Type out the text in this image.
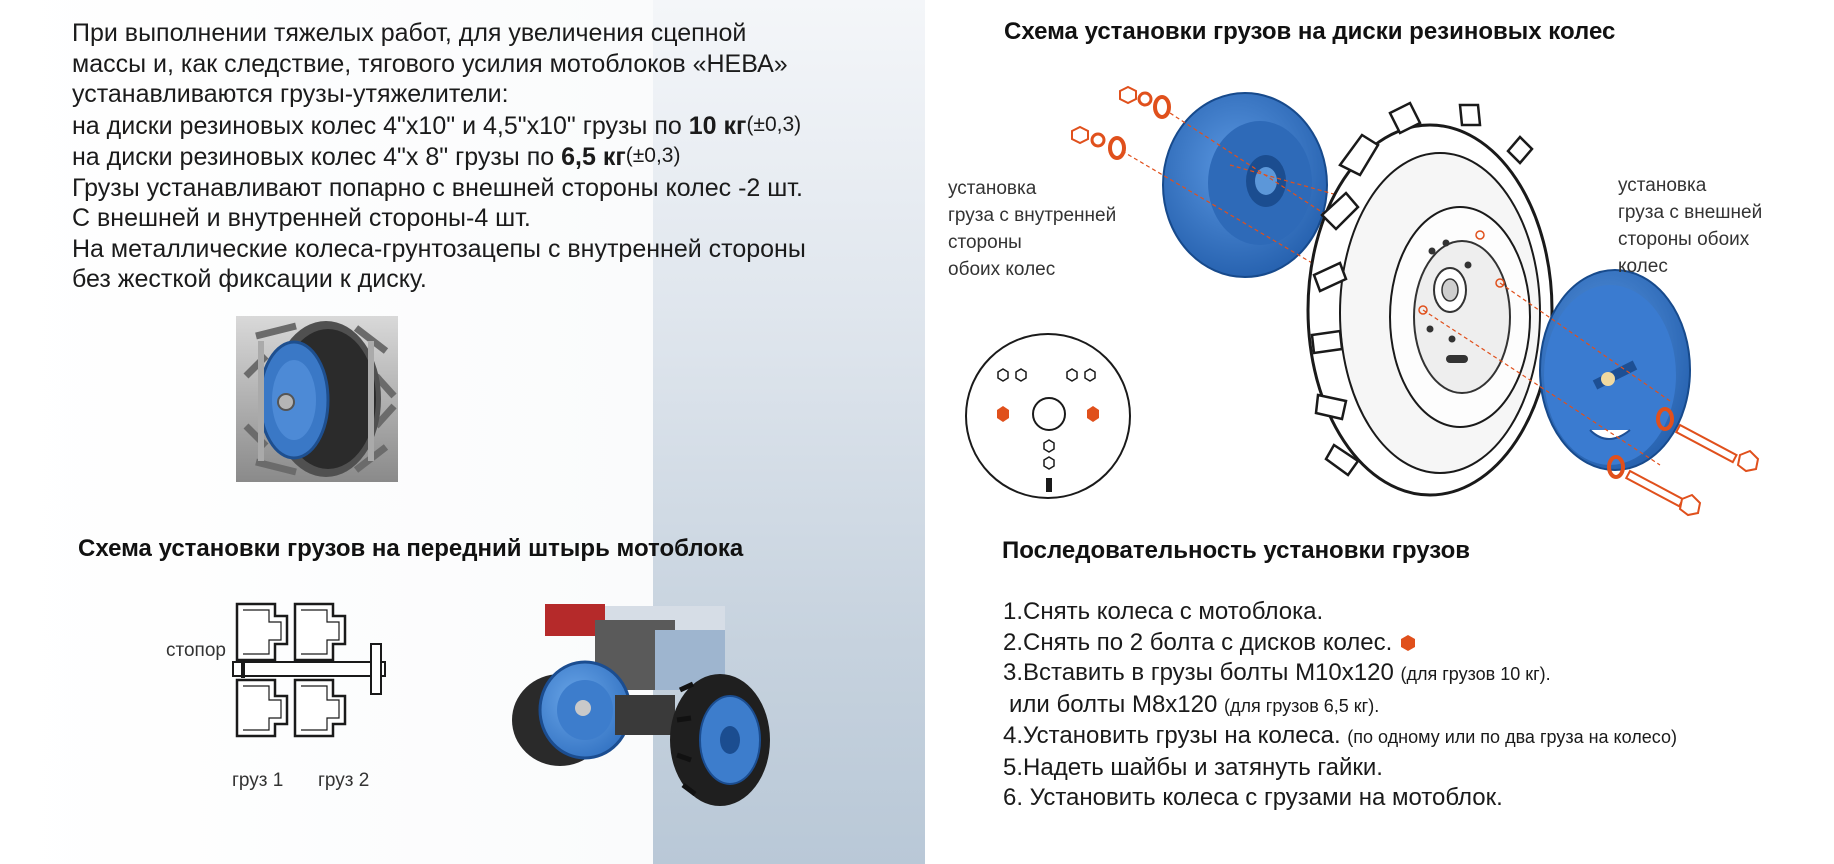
При выполнении тяжелых работ, для увеличения сцепной
массы и, как следствие, тягового усилия мотоблоков «НЕВА»
устанавливаются грузы-утяжелители:
на диски резиновых колес 4"х10" и 4,5"х10" грузы по 10 кг(±0,3)
на диски резиновых колес 4"х 8" грузы по 6,5 кг(±0,3)
Грузы устанавливают попарно с внешней стороны колес -2 шт.
С внешней и внутренней стороны-4 шт.
На металлические колеса-грунтозацепы с внутренней стороны
без жесткой фиксации к диску.
Схема установки грузов на диски резиновых колес
установка
груза с внутренней
стороны
обоих колес
установка
груза с внешней
стороны обоих
колес
Схема установки грузов на передний штырь мотоблока
стопор
груз 1 груз 2
Последовательность установки грузов
1.Снять колеса с мотоблока.
2.Снять по 2 болта с дисков колес.
3.Вставить в грузы болты М10х120 (для грузов 10 кг).
или болты М8х120 (для грузов 6,5 кг).
4.Установить грузы на колеса. (по одному или по два груза на колесо)
5.Надеть шайбы и затянуть гайки.
6. Установить колеса с грузами на мотоблок.
